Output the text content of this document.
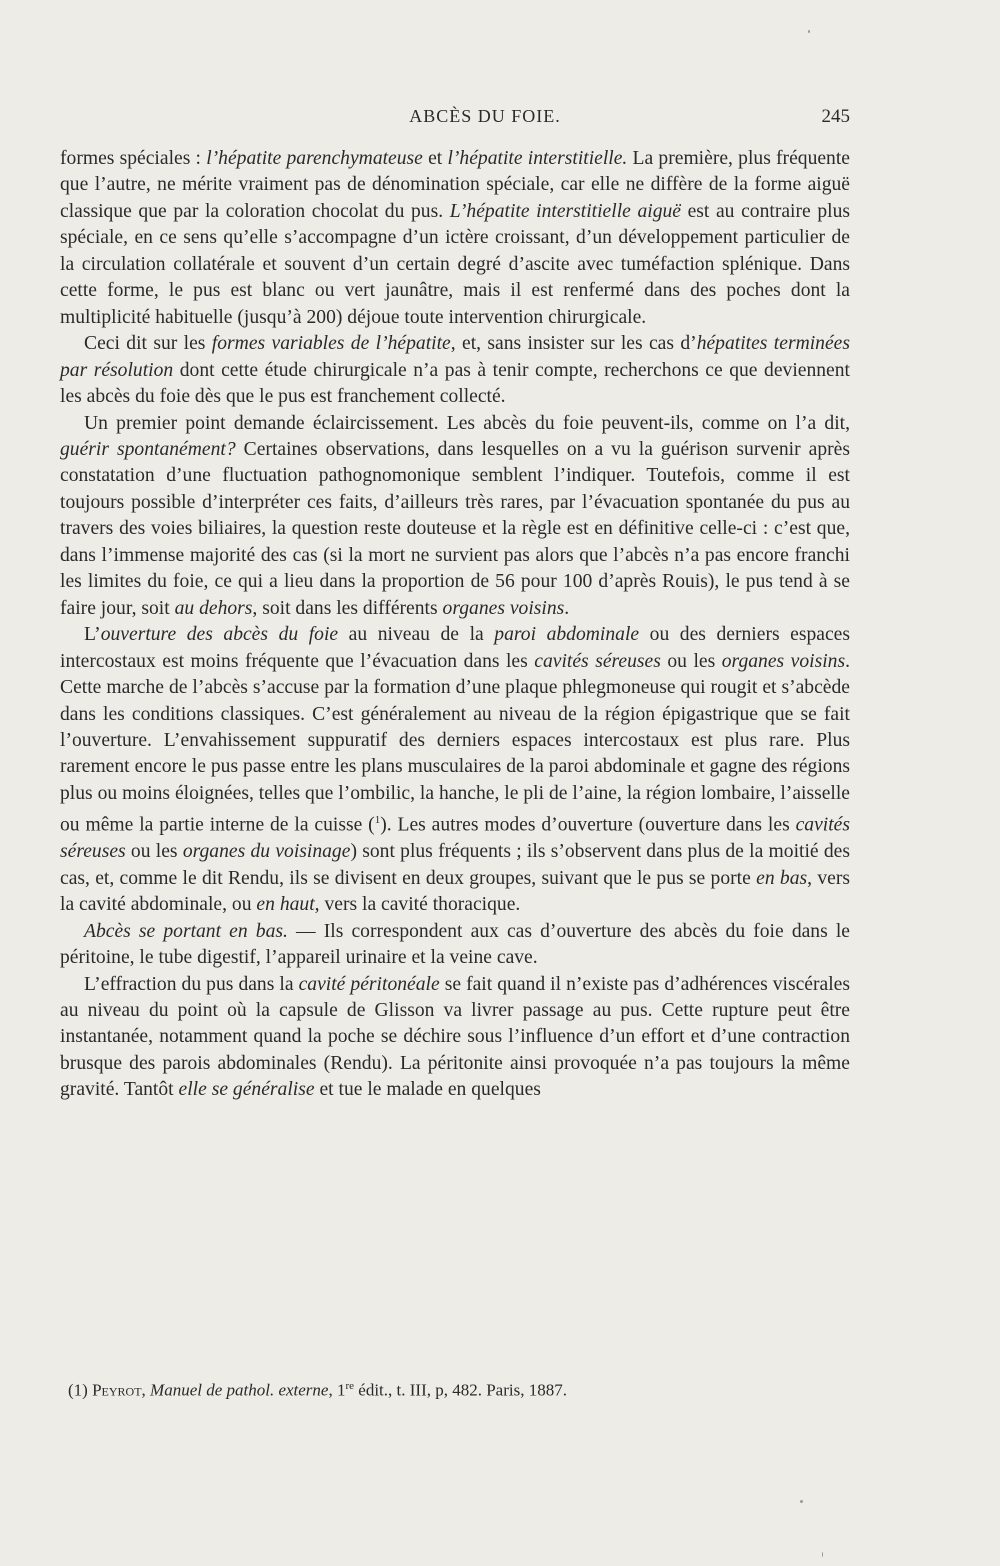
ABCÈS DU FOIE.	245

formes spéciales : l’hépatite parenchymateuse et l’hépatite interstitielle. La première, plus fréquente que l’autre, ne mérite vraiment pas de dénomination spéciale, car elle ne diffère de la forme aiguë classique que par la coloration chocolat du pus. L’hépatite interstitielle aiguë est au contraire plus spéciale, en ce sens qu’elle s’accompagne d’un ictère croissant, d’un développement particulier de la circulation collatérale et souvent d’un certain degré d’ascite avec tuméfaction splénique. Dans cette forme, le pus est blanc ou vert jaunâtre, mais il est renfermé dans des poches dont la multiplicité habituelle (jusqu’à 200) déjoue toute intervention chirurgicale.

Ceci dit sur les formes variables de l’hépatite, et, sans insister sur les cas d’hépatites terminées par résolution dont cette étude chirurgicale n’a pas à tenir compte, recherchons ce que deviennent les abcès du foie dès que le pus est franchement collecté.

Un premier point demande éclaircissement. Les abcès du foie peuvent-ils, comme on l’a dit, guérir spontanément? Certaines observations, dans lesquelles on a vu la guérison survenir après constatation d’une fluctuation pathognomonique semblent l’indiquer. Toutefois, comme il est toujours possible d’interpréter ces faits, d’ailleurs très rares, par l’évacuation spontanée du pus au travers des voies biliaires, la question reste douteuse et la règle est en définitive celle-ci : c’est que, dans l’immense majorité des cas (si la mort ne survient pas alors que l’abcès n’a pas encore franchi les limites du foie, ce qui a lieu dans la proportion de 56 pour 100 d’après Rouis), le pus tend à se faire jour, soit au dehors, soit dans les différents organes voisins.

L’ouverture des abcès du foie au niveau de la paroi abdominale ou des derniers espaces intercostaux est moins fréquente que l’évacuation dans les cavités séreuses ou les organes voisins. Cette marche de l’abcès s’accuse par la formation d’une plaque phlegmoneuse qui rougit et s’abcède dans les conditions classiques. C’est généralement au niveau de la région épigastrique que se fait l’ouverture. L’envahissement suppuratif des derniers espaces intercostaux est plus rare. Plus rarement encore le pus passe entre les plans musculaires de la paroi abdominale et gagne des régions plus ou moins éloignées, telles que l’ombilic, la hanche, le pli de l’aine, la région lombaire, l’aisselle ou même la partie interne de la cuisse ($^1$). Les autres modes d’ouverture (ouverture dans les cavités séreuses ou les organes du voisinage) sont plus fréquents ; ils s’observent dans plus de la moitié des cas, et, comme le dit Rendu, ils se divisent en deux groupes, suivant que le pus se porte en bas, vers la cavité abdominale, ou en haut, vers la cavité thoracique.

Abcès se portant en bas. — Ils correspondent aux cas d’ouverture des abcès du foie dans le péritoine, le tube digestif, l’appareil urinaire et la veine cave.

L’effraction du pus dans la cavité péritonéale se fait quand il n’existe pas d’adhérences viscérales au niveau du point où la capsule de Glisson va livrer passage au pus. Cette rupture peut être instantanée, notamment quand la poche se déchire sous l’influence d’un effort et d’une contraction brusque des parois abdominales (Rendu). La péritonite ainsi provoquée n’a pas toujours la même gravité. Tantôt elle se généralise et tue le malade en quelques

(1) Peyrot, Manuel de pathol. externe, 1re édit., t. III, p, 482. Paris, 1887.
